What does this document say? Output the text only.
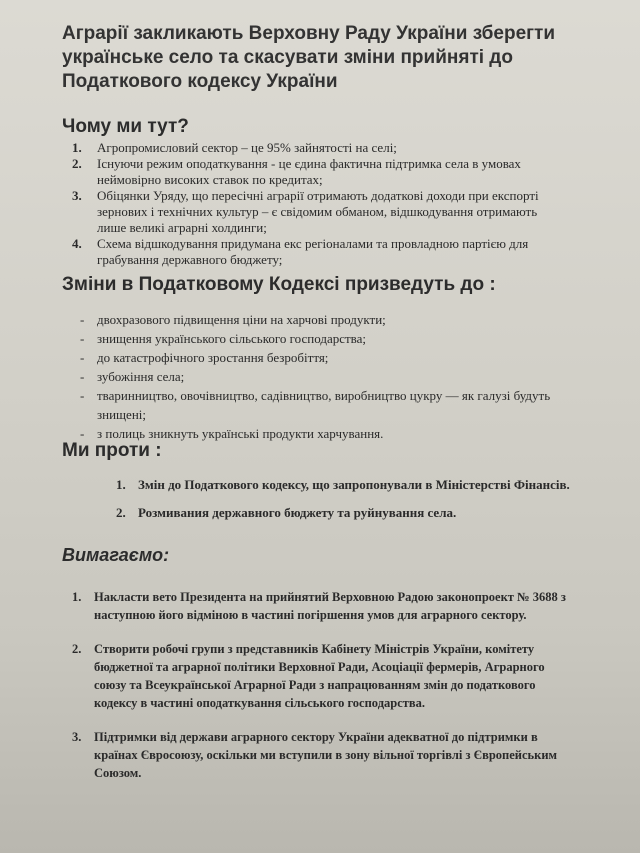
Аграрії закликають Верховну Раду України зберегти українське село та скасувати зміни прийняті до Податкового кодексу України
Чому ми тут?
1. Агропромисловий сектор – це 95% зайнятості на селі;
2. Існуючи режим оподаткування - це єдина фактична підтримка села в умовах неймовірно високих ставок по кредитах;
3. Обіцянки Уряду, що пересічні аграрії отримають додаткові доходи при експорті зернових і технічних культур – є свідомим обманом, відшкодування отримають лише великі аграрні холдинги;
4. Схема відшкодування придумана екс регіоналами та провладною партією для грабування державного бюджету;
Зміни в Податковому Кодексі призведуть до :
- двохразового підвищення ціни на харчові продукти;
- знищення українського сільського господарства;
- до катастрофічного зростання безробіття;
- зубожіння села;
- тваринництво, овочівництво, садівництво, виробництво цукру — як галузі будуть знищені;
- з полиць зникнуть українські продукти харчування.
Ми проти :
1. Змін до Податкового кодексу, що запропонували в Міністерстві Фінансів.
2. Розмивания державного бюджету та руйнування села.
Вимагаємо:
1. Накласти вето Президента на прийнятий Верховною Радою законопроект № 3688 з наступною його відміною в частині погіршення умов для аграрного сектору.
2. Створити робочі групи з представників Кабінету Міністрів України, комітету бюджетної та аграрної політики Верховної Ради, Асоціації фермерів, Аграрного союзу та Всеукраїнської Аграрної Ради з напрацюванням змін до податкового кодексу в частині оподаткування сільського господарства.
3. Підтримки від держави аграрного сектору України адекватної до підтримки в країнах Євросоюзу, оскільки ми вступили в зону вільної торгівлі з Європейським Союзом.
